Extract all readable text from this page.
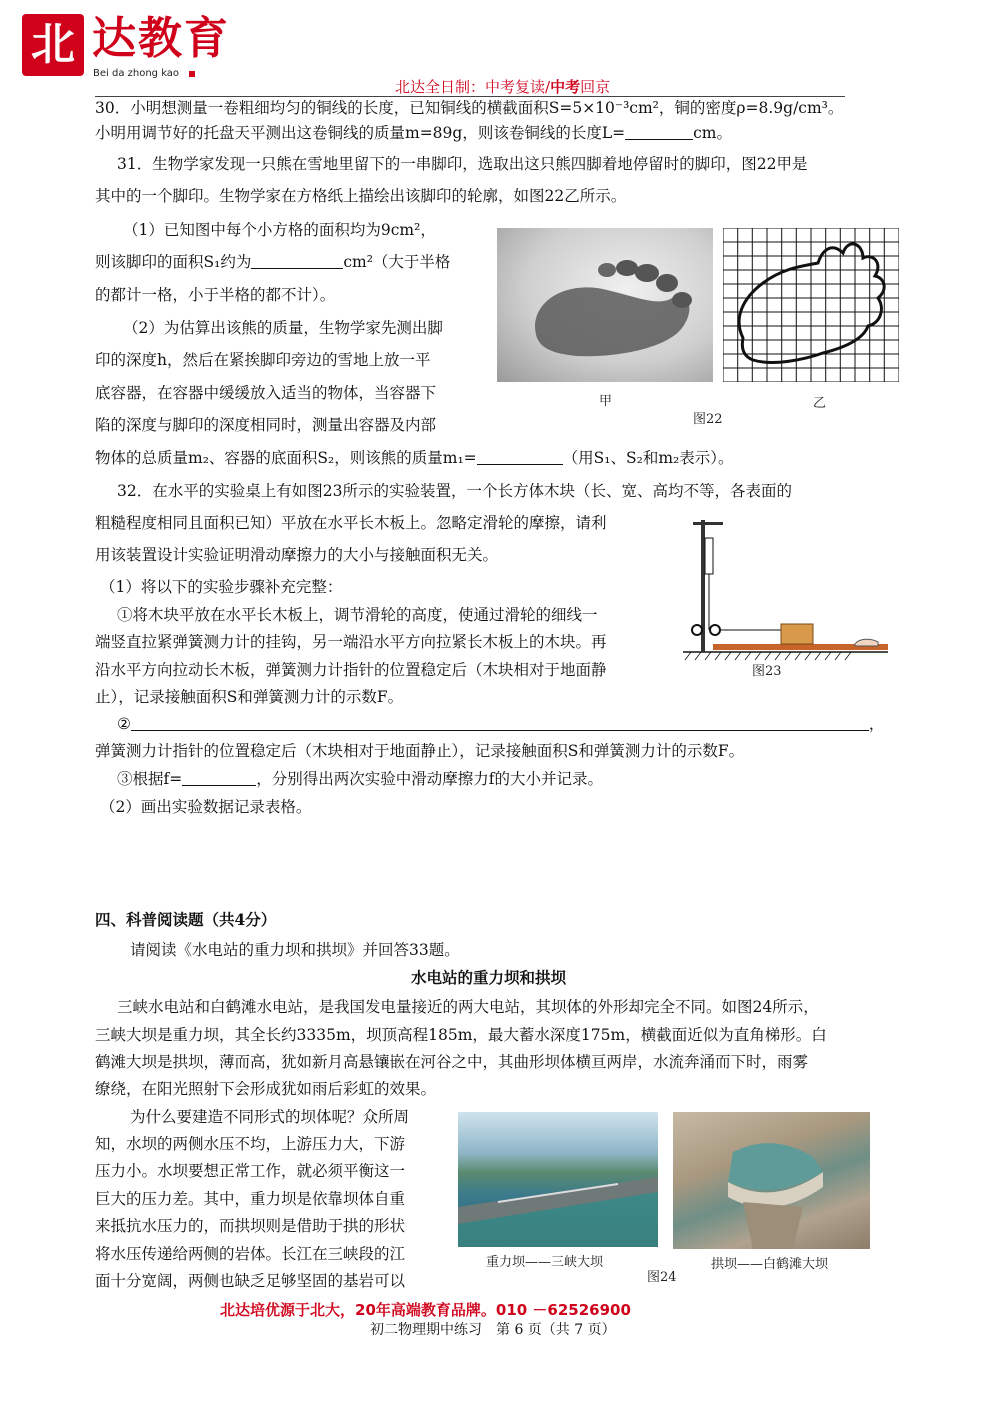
北 达教育
Bei da zhong kao
北达全日制：中考复读/中考回京
30．小明想测量一卷粗细均匀的铜线的长度，已知铜线的横截面积S=5×10⁻³cm²，铜的密度ρ=8.9g/cm³。
小明用调节好的托盘天平测出这卷铜线的质量m=89g，则该卷铜线的长度L=	cm。
31．生物学家发现一只熊在雪地里留下的一串脚印，选取出这只熊四脚着地停留时的脚印，图22甲是
其中的一个脚印。生物学家在方格纸上描绘出该脚印的轮廓，如图22乙所示。
（1）已知图中每个小方格的面积均为9cm²，
则该脚印的面积S₁约为	cm²（大于半格
的都计一格，小于半格的都不计）。
（2）为估算出该熊的质量，生物学家先测出脚
印的深度h，然后在紧挨脚印旁边的雪地上放一平
底容器，在容器中缓缓放入适当的物体，当容器下
陷的深度与脚印的深度相同时，测量出容器及内部
物体的总质量m₂、容器的底面积S₂，则该熊的质量m₁=	（用S₁、S₂和m₂表示）。
甲	乙
图22
32．在水平的实验桌上有如图23所示的实验装置，一个长方体木块（长、宽、高均不等，各表面的
粗糙程度相同且面积已知）平放在水平长木板上。忽略定滑轮的摩擦，请利
用该装置设计实验证明滑动摩擦力的大小与接触面积无关。
（1）将以下的实验步骤补充完整：
①将木块平放在水平长木板上，调节滑轮的高度，使通过滑轮的细线一
端竖直拉紧弹簧测力计的挂钩，另一端沿水平方向拉紧长木板上的木块。再
沿水平方向拉动长木板，弹簧测力计指针的位置稳定后（木块相对于地面静
止），记录接触面积S和弹簧测力计的示数F。
②	，
弹簧测力计指针的位置稳定后（木块相对于地面静止），记录接触面积S和弹簧测力计的示数F。
③根据f=	，分别得出两次实验中滑动摩擦力f的大小并记录。
（2）画出实验数据记录表格。
图23
四、科普阅读题（共4分）
请阅读《水电站的重力坝和拱坝》并回答33题。
水电站的重力坝和拱坝
三峡水电站和白鹤滩水电站，是我国发电量接近的两大电站，其坝体的外形却完全不同。如图24所示，
三峡大坝是重力坝，其全长约3335m，坝顶高程185m，最大蓄水深度175m，横截面近似为直角梯形。白
鹤滩大坝是拱坝，薄而高，犹如新月高悬镶嵌在河谷之中，其曲形坝体横亘两岸，水流奔涌而下时，雨雾
缭绕，在阳光照射下会形成犹如雨后彩虹的效果。
为什么要建造不同形式的坝体呢？众所周
知，水坝的两侧水压不均，上游压力大，下游
压力小。水坝要想正常工作，就必须平衡这一
巨大的压力差。其中，重力坝是依靠坝体自重
来抵抗水压力的，而拱坝则是借助于拱的形状
将水压传递给两侧的岩体。长江在三峡段的江
面十分宽阔，两侧也缺乏足够坚固的基岩可以
重力坝——三峡大坝	拱坝——白鹤滩大坝
图24
北达培优源于北大，20年高端教育品牌。010 －62526900
初二物理期中练习　第 6 页（共 7 页）
